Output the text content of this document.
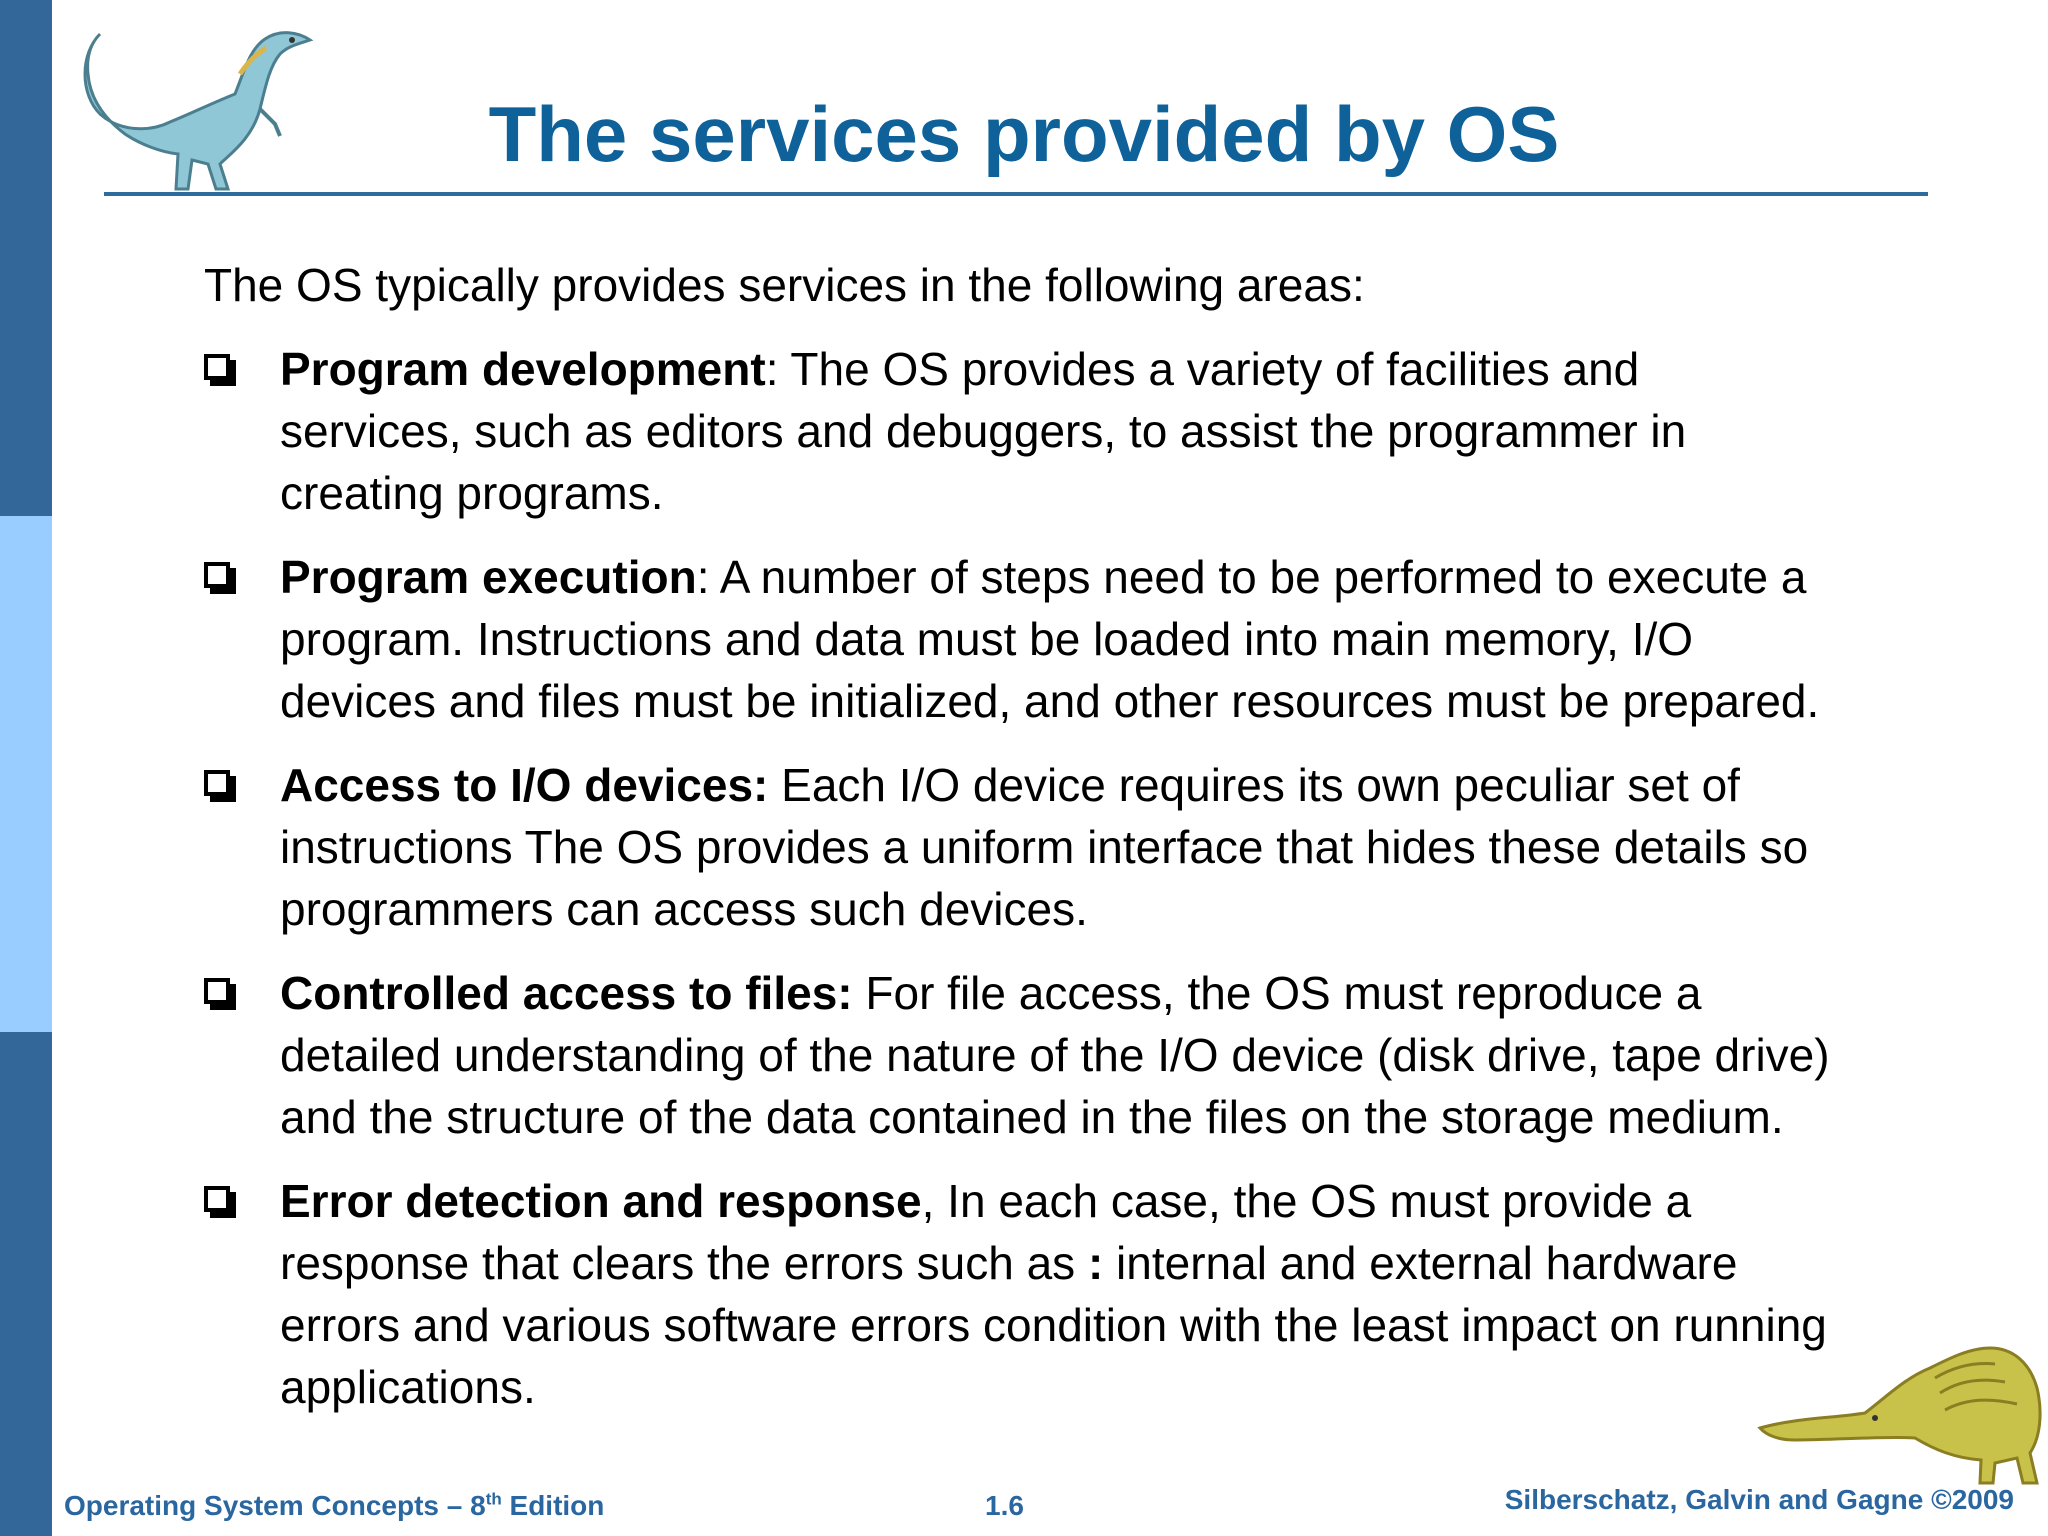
The services provided by OS

The OS typically provides services in the following areas:

Program development: The OS provides a variety of facilities and
services, such as editors and debuggers, to assist the programmer in
creating programs.
Program execution: A number of steps need to be performed to execute a
program. Instructions and data must be loaded into main memory, I/O
devices and files must be initialized, and other resources must be prepared.
Access to I/O devices: Each I/O device requires its own peculiar set of
instructions The OS provides a uniform interface that hides these details so
programmers can access such devices.
Controlled access to files: For file access, the OS must reproduce a
detailed understanding of the nature of the I/O device (disk drive, tape drive)
and the structure of the data contained in the files on the storage medium.
Error detection and response, In each case, the OS must provide a
response that clears the errors such as : internal and external hardware
errors and various software errors condition with the least impact on running
applications.
Operating System Concepts – 8th Edition	1.6	Silberschatz, Galvin and Gagne ©2009
